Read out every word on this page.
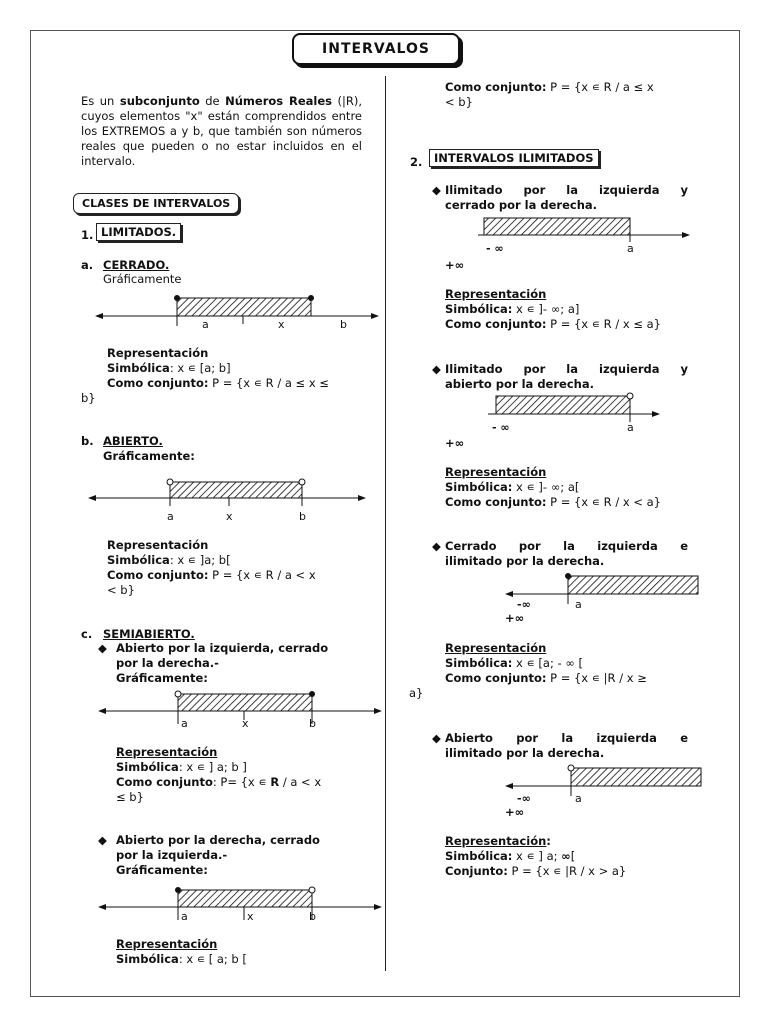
INTERVALOS
Es un subconjunto de Números Reales (|R), cuyos elementos "x" están comprendidos entre los EXTREMOS a y b, que también son números reales que pueden o no estar incluidos en el intervalo.
CLASES DE INTERVALOS
1. LIMITADOS.
a. CERRADO.
Gráficamente
a	x	b
Representación
Simbólica: x ∊ [a; b]
Como conjunto: P = {x ∊ R / a ≤ x ≤
b}
b. ABIERTO.
Gráficamente:
a	x	b
Representación
Simbólica: x ∊ ]a; b[
Como conjunto: P = {x ∊ R / a < x
< b}
c. SEMIABIERTO.
◆ Abierto por la izquierda, cerrado
por la derecha.-
Gráficamente:
a	x	b
Representación
Simbólica: x ∊ ] a; b ]
Como conjunto: P= {x ∊ R / a < x
≤ b}
◆ Abierto por la derecha, cerrado
por la izquierda.-
Gráficamente:
a	x	b
Representación
Simbólica: x ∊ [ a; b [
Como conjunto: P = {x ∊ R / a ≤ x
< b}
2.	INTERVALOS ILIMITADOS
◆ Ilimitado por la izquierda y
cerrado por la derecha.
- ∞	a
+∞
Representación
Simbólica: x ∊ ]- ∞; a]
Como conjunto: P = {x ∊ R / x ≤ a}
◆ Ilimitado por la izquierda y
abierto por la derecha.
- ∞	a
+∞
Representación
Simbólica: x ∊ ]- ∞; a[
Como conjunto: P = {x ∊ R / x < a}
◆ Cerrado por la izquierda e
ilimitado por la derecha.
-∞	a
+∞
Representación
Simbólica: x ∊ [a; - ∞ [
Como conjunto: P = {x ∊ |R / x ≥
a}
◆ Abierto por la izquierda e
ilimitado por la derecha.
-∞	a
+∞
Representación:
Simbólica: x ∊ ] a; ∞[
Conjunto: P = {x ∊ |R / x > a}
